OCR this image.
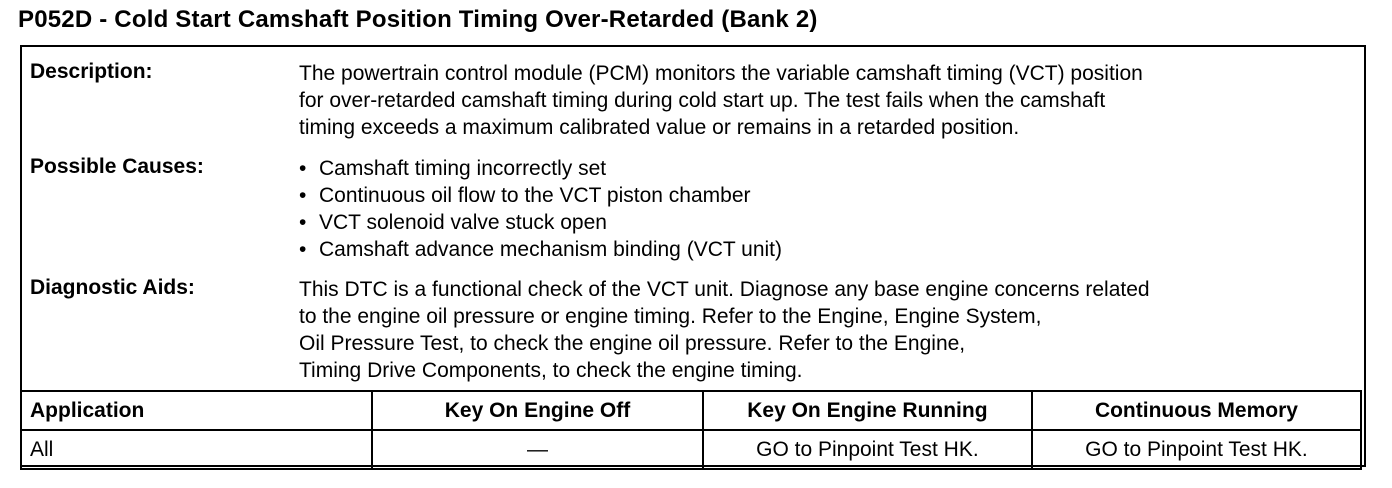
P052D - Cold Start Camshaft Position Timing Over-Retarded (Bank 2)
Description:	The powertrain control module (PCM) monitors the variable camshaft timing (VCT) position
for over-retarded camshaft timing during cold start up. The test fails when the camshaft
timing exceeds a maximum calibrated value or remains in a retarded position.
Possible Causes:	• Camshaft timing incorrectly set
• Continuous oil flow to the VCT piston chamber
• VCT solenoid valve stuck open
• Camshaft advance mechanism binding (VCT unit)
Diagnostic Aids:	This DTC is a functional check of the VCT unit. Diagnose any base engine concerns related
to the engine oil pressure or engine timing. Refer to the Engine, Engine System,
Oil Pressure Test, to check the engine oil pressure. Refer to the Engine,
Timing Drive Components, to check the engine timing.
Application	Key On Engine Off	Key On Engine Running	Continuous Memory
All	—	GO to Pinpoint Test HK.	GO to Pinpoint Test HK.
